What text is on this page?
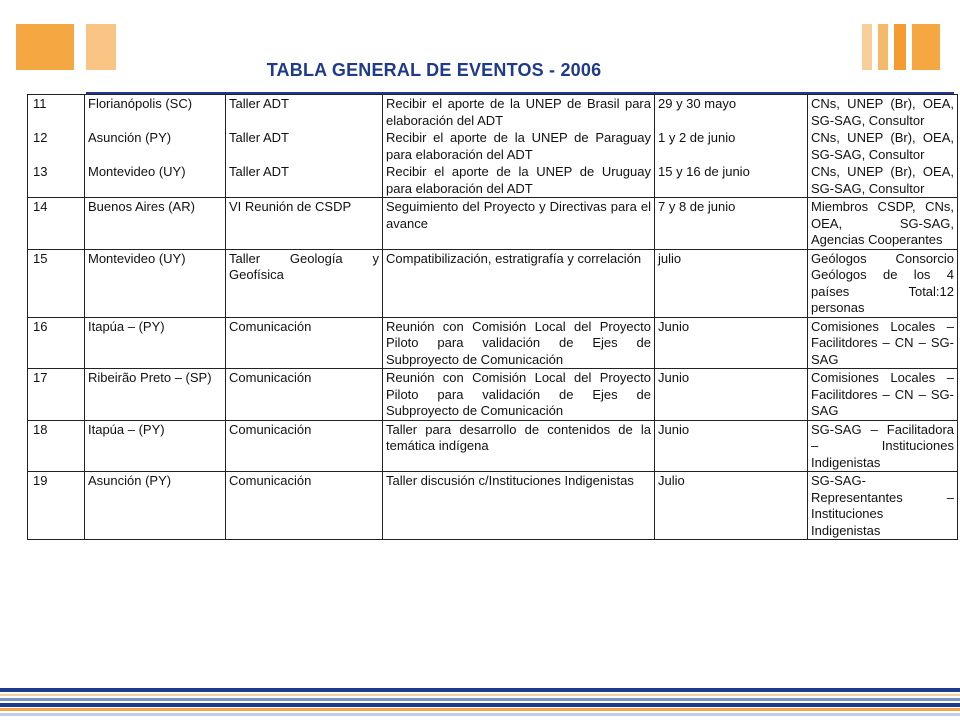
TABLA GENERAL DE EVENTOS - 2006
11	Florianópolis (SC)	Taller ADT	Recibir el aporte de la UNEP de Brasil para elaboración del ADT	29 y 30 mayo	CNs, UNEP (Br), OEA, SG-SAG, Consultor
12	Asunción (PY)	Taller ADT	Recibir el aporte de la UNEP de Paraguay para elaboración del ADT	1 y 2 de junio	CNs, UNEP (Br), OEA, SG-SAG, Consultor
13	Montevideo (UY)	Taller ADT	Recibir el aporte de la UNEP de Uruguay para elaboración del ADT	15 y 16 de junio	CNs, UNEP (Br), OEA, SG-SAG, Consultor
14	Buenos Aires (AR)	VI Reunión de CSDP	Seguimiento del Proyecto y Directivas para el avance	7 y 8 de junio	Miembros CSDP, CNs, OEA, SG-SAG, Agencias Cooperantes
15	Montevideo (UY)	Taller Geología y Geofísica	Compatibilización, estratigrafía y correlación	julio	Geólogos Consorcio Geólogos de los 4 países Total:12 personas
16	Itapúa – (PY)	Comunicación	Reunión con Comisión Local del Proyecto Piloto para validación de Ejes de Subproyecto de Comunicación	Junio	Comisiones Locales –Facilitdores – CN – SG-SAG
17	Ribeirão Preto – (SP)	Comunicación	Reunión con Comisión Local del Proyecto Piloto para validación de Ejes de Subproyecto de Comunicación	Junio	Comisiones Locales –Facilitdores – CN – SG-SAG
18	Itapúa – (PY)	Comunicación	Taller para desarrollo de contenidos de la temática indígena	Junio	SG-SAG – Facilitadora – Instituciones Indigenistas
19	Asunción (PY)	Comunicación	Taller discusión c/Instituciones Indigenistas	Julio	SG-SAG- Representantes – Instituciones Indigenistas
